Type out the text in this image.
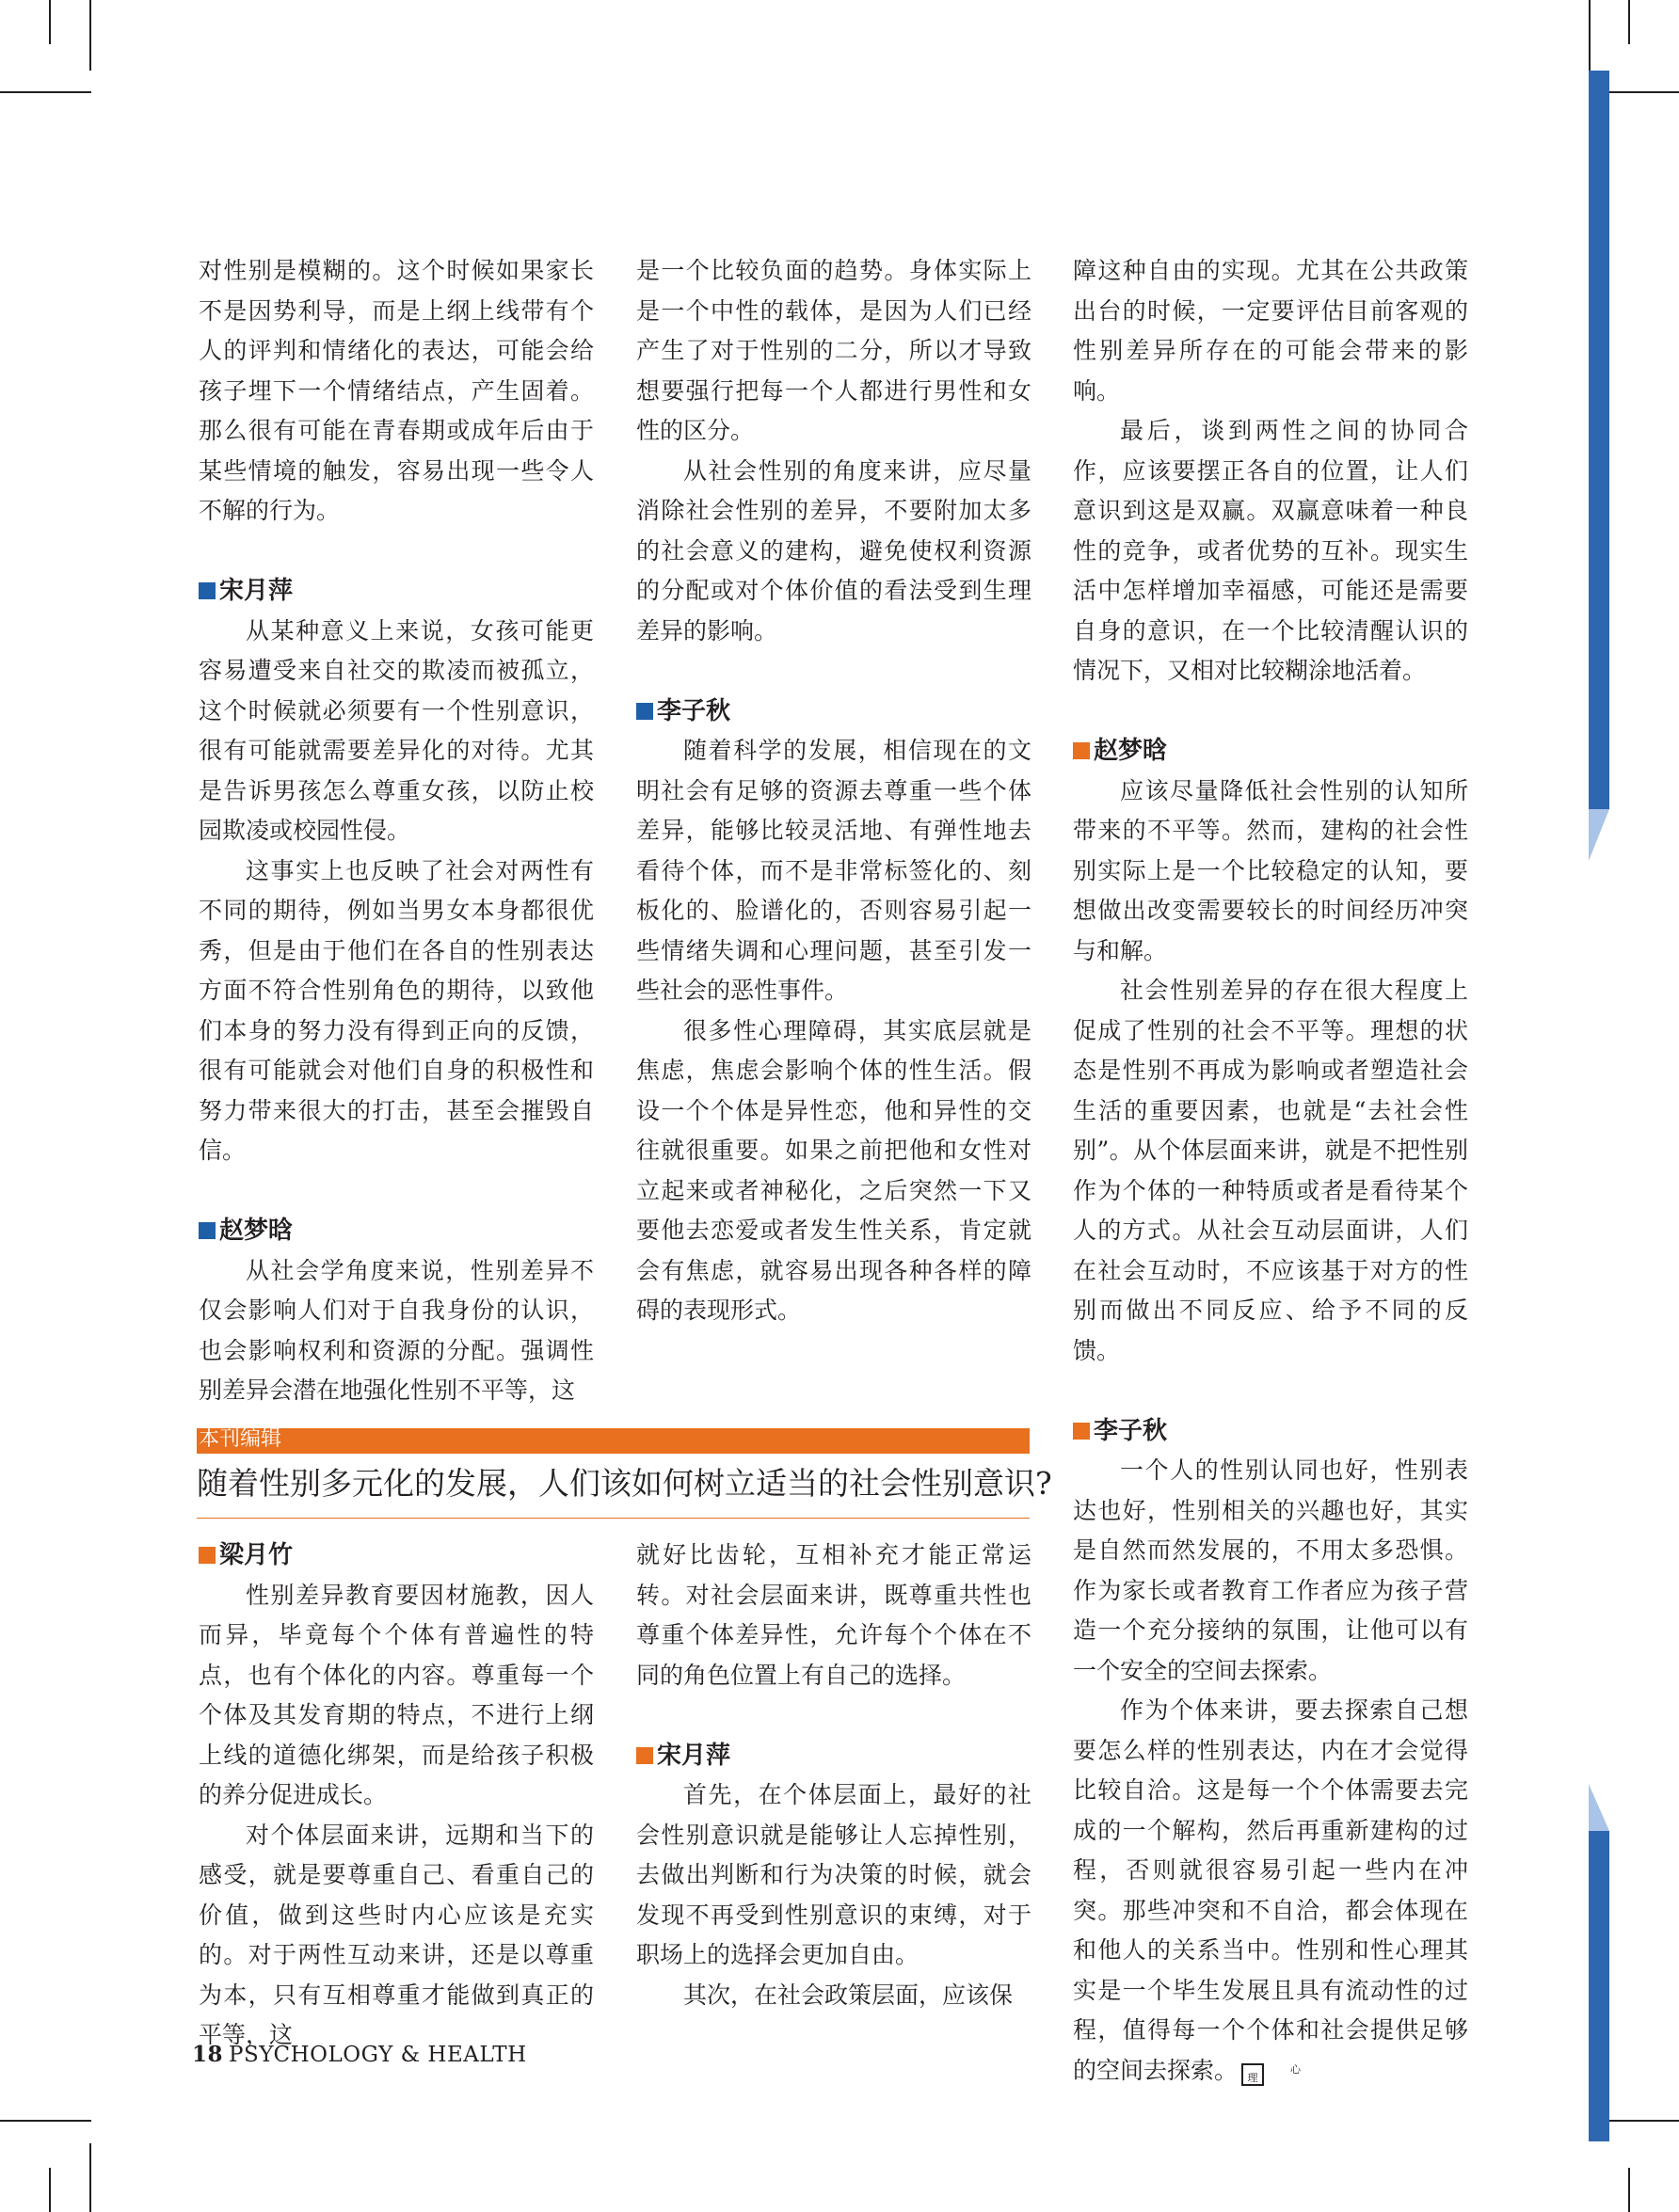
对性别是模糊的。这个时候如果家长不是因势利导，而是上纲上线带有个人的评判和情绪化的表达，可能会给孩子埋下一个情绪结点，产生固着。那么很有可能在青春期或成年后由于某些情境的触发，容易出现一些令人不解的行为。

宋月萍

从某种意义上来说，女孩可能更容易遭受来自社交的欺凌而被孤立，这个时候就必须要有一个性别意识，很有可能就需要差异化的对待。尤其是告诉男孩怎么尊重女孩，以防止校园欺凌或校园性侵。

这事实上也反映了社会对两性有不同的期待，例如当男女本身都很优秀，但是由于他们在各自的性别表达方面不符合性别角色的期待，以致他们本身的努力没有得到正向的反馈，很有可能就会对他们自身的积极性和努力带来很大的打击，甚至会摧毁自信。

赵梦晗

从社会学角度来说，性别差异不仅会影响人们对于自我身份的认识，也会影响权利和资源的分配。强调性别差异会潜在地强化性别不平等，这

是一个比较负面的趋势。身体实际上是一个中性的载体，是因为人们已经产生了对于性别的二分，所以才导致想要强行把每一个人都进行男性和女性的区分。

从社会性别的角度来讲，应尽量消除社会性别的差异，不要附加太多的社会意义的建构，避免使权利资源的分配或对个体价值的看法受到生理差异的影响。

李子秋

随着科学的发展，相信现在的文明社会有足够的资源去尊重一些个体差异，能够比较灵活地、有弹性地去看待个体，而不是非常标签化的、刻板化的、脸谱化的，否则容易引起一些情绪失调和心理问题，甚至引发一些社会的恶性事件。

很多性心理障碍，其实底层就是焦虑，焦虑会影响个体的性生活。假设一个个体是异性恋，他和异性的交往就很重要。如果之前把他和女性对立起来或者神秘化，之后突然一下又要他去恋爱或者发生性关系，肯定就会有焦虑，就容易出现各种各样的障碍的表现形式。

障这种自由的实现。尤其在公共政策出台的时候，一定要评估目前客观的性别差异所存在的可能会带来的影响。

最后，谈到两性之间的协同合作，应该要摆正各自的位置，让人们意识到这是双赢。双赢意味着一种良性的竞争，或者优势的互补。现实生活中怎样增加幸福感，可能还是需要自身的意识，在一个比较清醒认识的情况下，又相对比较糊涂地活着。

赵梦晗

应该尽量降低社会性别的认知所带来的不平等。然而，建构的社会性别实际上是一个比较稳定的认知，要想做出改变需要较长的时间经历冲突与和解。

社会性别差异的存在很大程度上促成了性别的社会不平等。理想的状态是性别不再成为影响或者塑造社会生活的重要因素，也就是“去社会性别”。从个体层面来讲，就是不把性别作为个体的一种特质或者是看待某个人的方式。从社会互动层面讲，人们在社会互动时，不应该基于对方的性别而做出不同反应、给予不同的反馈。

李子秋

一个人的性别认同也好，性别表达也好，性别相关的兴趣也好，其实是自然而然发展的，不用太多恐惧。作为家长或者教育工作者应为孩子营造一个充分接纳的氛围，让他可以有一个安全的空间去探索。

作为个体来讲，要去探索自己想要怎么样的性别表达，内在才会觉得比较自洽。这是每一个个体需要去完成的一个解构，然后再重新建构的过程，否则就很容易引起一些内在冲突。那些冲突和不自洽，都会体现在和他人的关系当中。性别和性心理其实是一个毕生发展且具有流动性的过程，值得每一个个体和社会提供足够的空间去探索。	心理

本刊编辑
随着性别多元化的发展，人们该如何树立适当的社会性别意识?
梁月竹

性别差异教育要因材施教，因人而异，毕竟每个个体有普遍性的特点，也有个体化的内容。尊重每一个个体及其发育期的特点，不进行上纲上线的道德化绑架，而是给孩子积极的养分促进成长。

对个体层面来讲，远期和当下的感受，就是要尊重自己、看重自己的价值，做到这些时内心应该是充实的。对于两性互动来讲，还是以尊重为本，只有互相尊重才能做到真正的平等，这

就好比齿轮，互相补充才能正常运转。对社会层面来讲，既尊重共性也尊重个体差异性，允许每个个体在不同的角色位置上有自己的选择。

宋月萍

首先，在个体层面上，最好的社会性别意识就是能够让人忘掉性别，去做出判断和行为决策的时候，就会发现不再受到性别意识的束缚，对于职场上的选择会更加自由。

其次，在社会政策层面，应该保

18 PSYCHOLOGY & HEALTH
